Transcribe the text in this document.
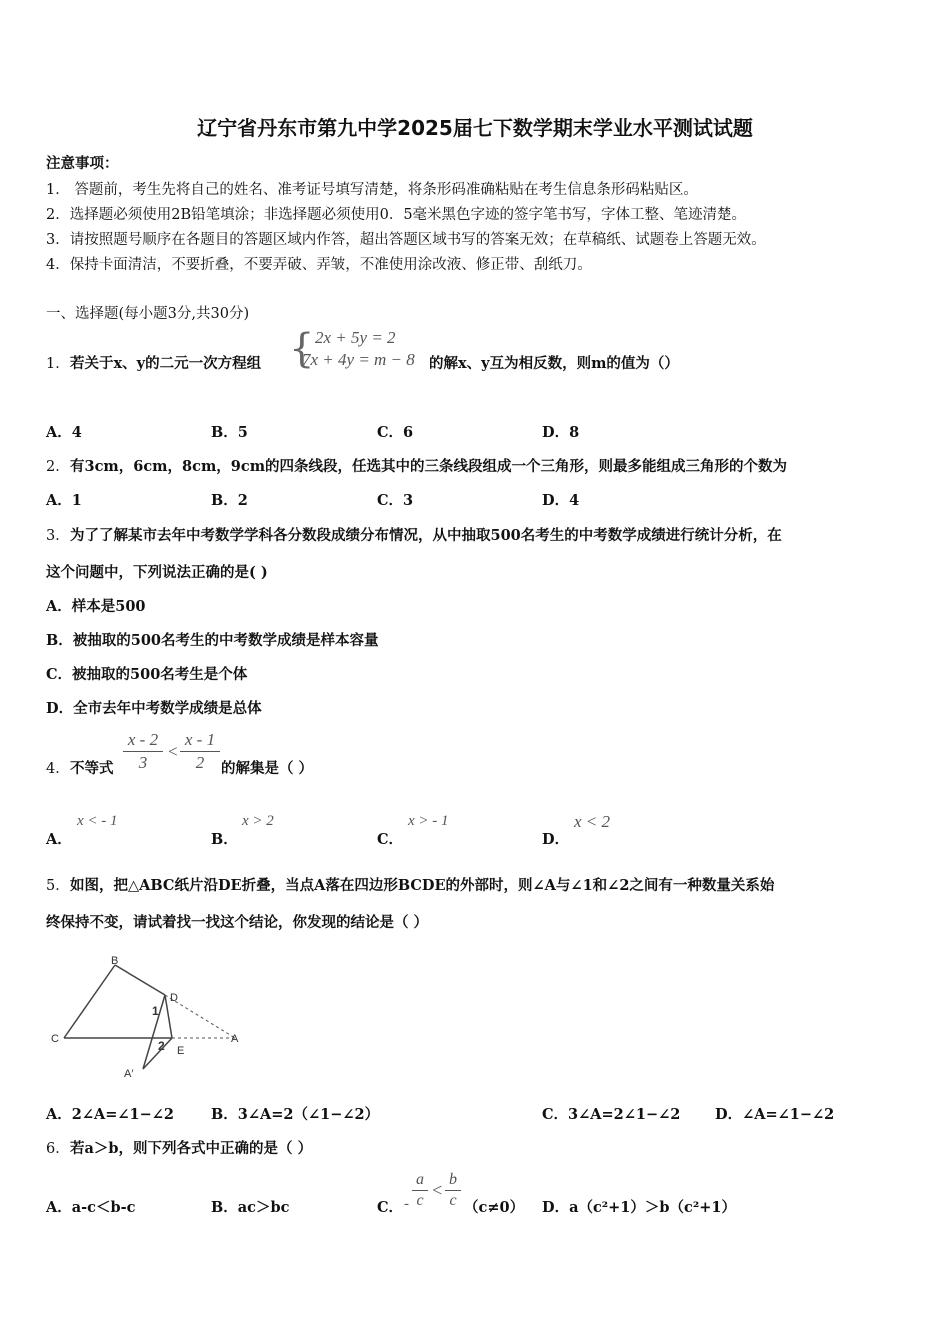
辽宁省丹东市第九中学2025届七下数学期末学业水平测试试题
注意事项：
1． 答题前，考生先将自己的姓名、准考证号填写清楚，将条形码准确粘贴在考生信息条形码粘贴区。
2．选择题必须使用2B铅笔填涂；非选择题必须使用0．5毫米黑色字迹的签字笔书写，字体工整、笔迹清楚。
3．请按照题号顺序在各题目的答题区域内作答，超出答题区域书写的答案无效；在草稿纸、试题卷上答题无效。
4．保持卡面清洁，不要折叠，不要弄破、弄皱，不准使用涂改液、修正带、刮纸刀。
一、选择题(每小题3分,共30分)
1． 若关于x、y的二元一次方程组 { 2x + 5y = 2
7x + 4y = m − 8 的解x、y互为相反数，则m的值为（）
A．4	B．5	C．6	D．8
2． 有3cm，6cm，8cm，9cm的四条线段，任选其中的三条线段组成一个三角形，则最多能组成三角形的个数为
A．1	B．2	C．3	D．4
3． 为了了解某市去年中考数学学科各分数段成绩分布情况，从中抽取500名考生的中考数学成绩进行统计分析，在
这个问题中，下列说法正确的是( )
A．样本是500
B．被抽取的500名考生的中考数学成绩是样本容量
C．被抽取的500名考生是个体
D．全市去年中考数学成绩是总体
4． 不等式
x - 2
3
<
x - 1
2	的解集是（ ）
A．
x < - 1
B．
x > 2
C．
x > - 1
D．
x < 2
5． 如图，把△ABC纸片沿DE折叠，当点A落在四边形BCDE的外部时，则∠A与∠1和∠2之间有一种数量关系始
终保持不变，请试着找一找这个结论，你发现的结论是（ ）
B
C
D
A
E
A′
1
2
A．2∠A=∠1−∠2	B．3∠A=2（∠1−∠2）	C．3∠A=2∠1−∠2 D．∠A=∠1−∠2
6． 若a＞b，则下列各式中正确的是（ ）
A．a-c＜b-c	B．ac＞bc	C． -
a
c
<
b
c （c≠0） D．a（c²+1）＞b（c²+1）
